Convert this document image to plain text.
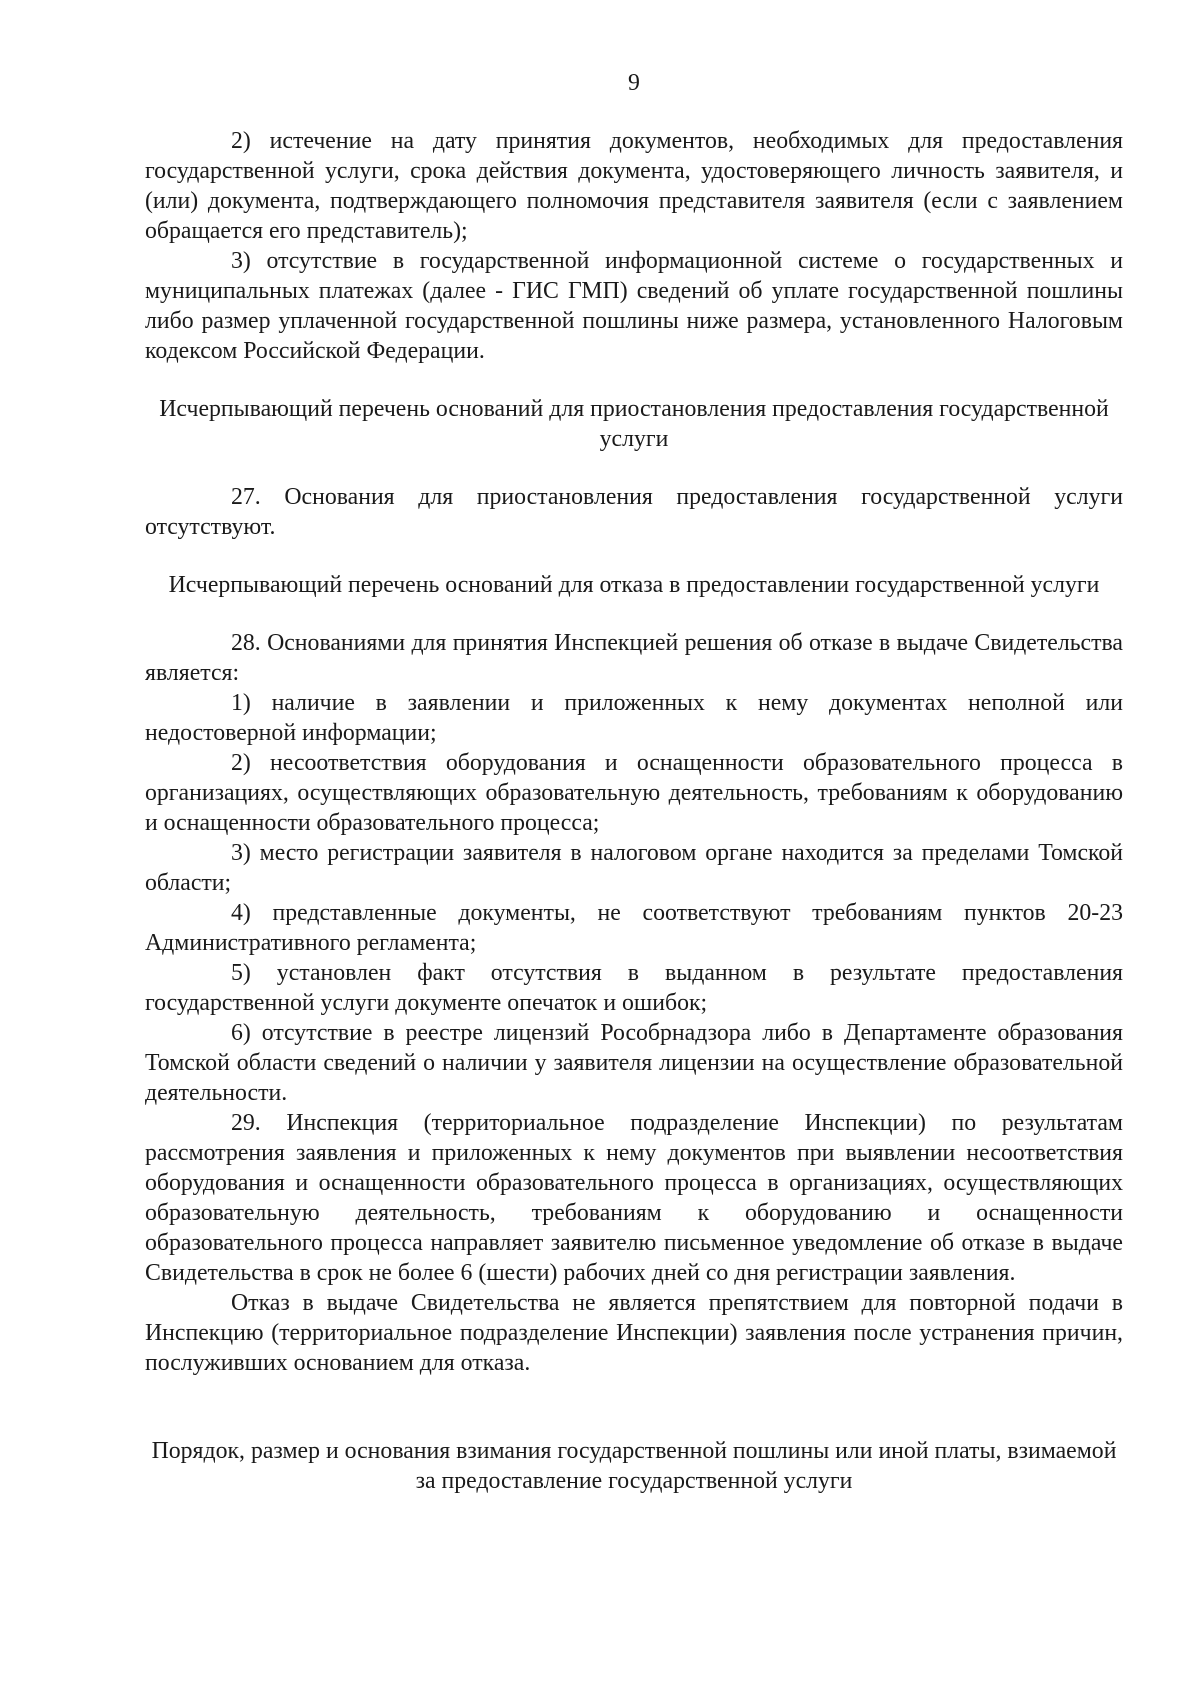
9

2) истечение на дату принятия документов, необходимых для предоставления государственной услуги, срока действия документа, удостоверяющего личность заявителя, и (или) документа, подтверждающего полномочия представителя заявителя (если с заявлением обращается его представитель);

3) отсутствие в государственной информационной системе о государственных и муниципальных платежах (далее - ГИС ГМП) сведений об уплате государственной пошлины либо размер уплаченной государственной пошлины ниже размера, установленного Налоговым кодексом Российской Федерации.

Исчерпывающий перечень оснований для приостановления предоставления государственной услуги

27. Основания для приостановления предоставления государственной услуги отсутствуют.

Исчерпывающий перечень оснований для отказа в предоставлении государственной услуги

28. Основаниями для принятия Инспекцией решения об отказе в выдаче Свидетельства является:

1) наличие в заявлении и приложенных к нему документах неполной или недостоверной информации;

2) несоответствия оборудования и оснащенности образовательного процесса в организациях, осуществляющих образовательную деятельность, требованиям к оборудованию и оснащенности образовательного процесса;

3) место регистрации заявителя в налоговом органе находится за пределами Томской области;

4) представленные документы, не соответствуют требованиям пунктов 20-23 Административного регламента;

5) установлен факт отсутствия в выданном в результате предоставления государственной услуги документе опечаток и ошибок;

6) отсутствие в реестре лицензий Рособрнадзора либо в Департаменте образования Томской области сведений о наличии у заявителя лицензии на осуществление образовательной деятельности.

29. Инспекция (территориальное подразделение Инспекции) по результатам рассмотрения заявления и приложенных к нему документов при выявлении несоответствия оборудования и оснащенности образовательного процесса в организациях, осуществляющих образовательную деятельность, требованиям к оборудованию и оснащенности образовательного процесса направляет заявителю письменное уведомление об отказе в выдаче Свидетельства в срок не более 6 (шести) рабочих дней со дня регистрации заявления.

Отказ в выдаче Свидетельства не является препятствием для повторной подачи в Инспекцию (территориальное подразделение Инспекции) заявления после устранения причин, послуживших основанием для отказа.

Порядок, размер и основания взимания государственной пошлины или иной платы, взимаемой за предоставление государственной услуги
